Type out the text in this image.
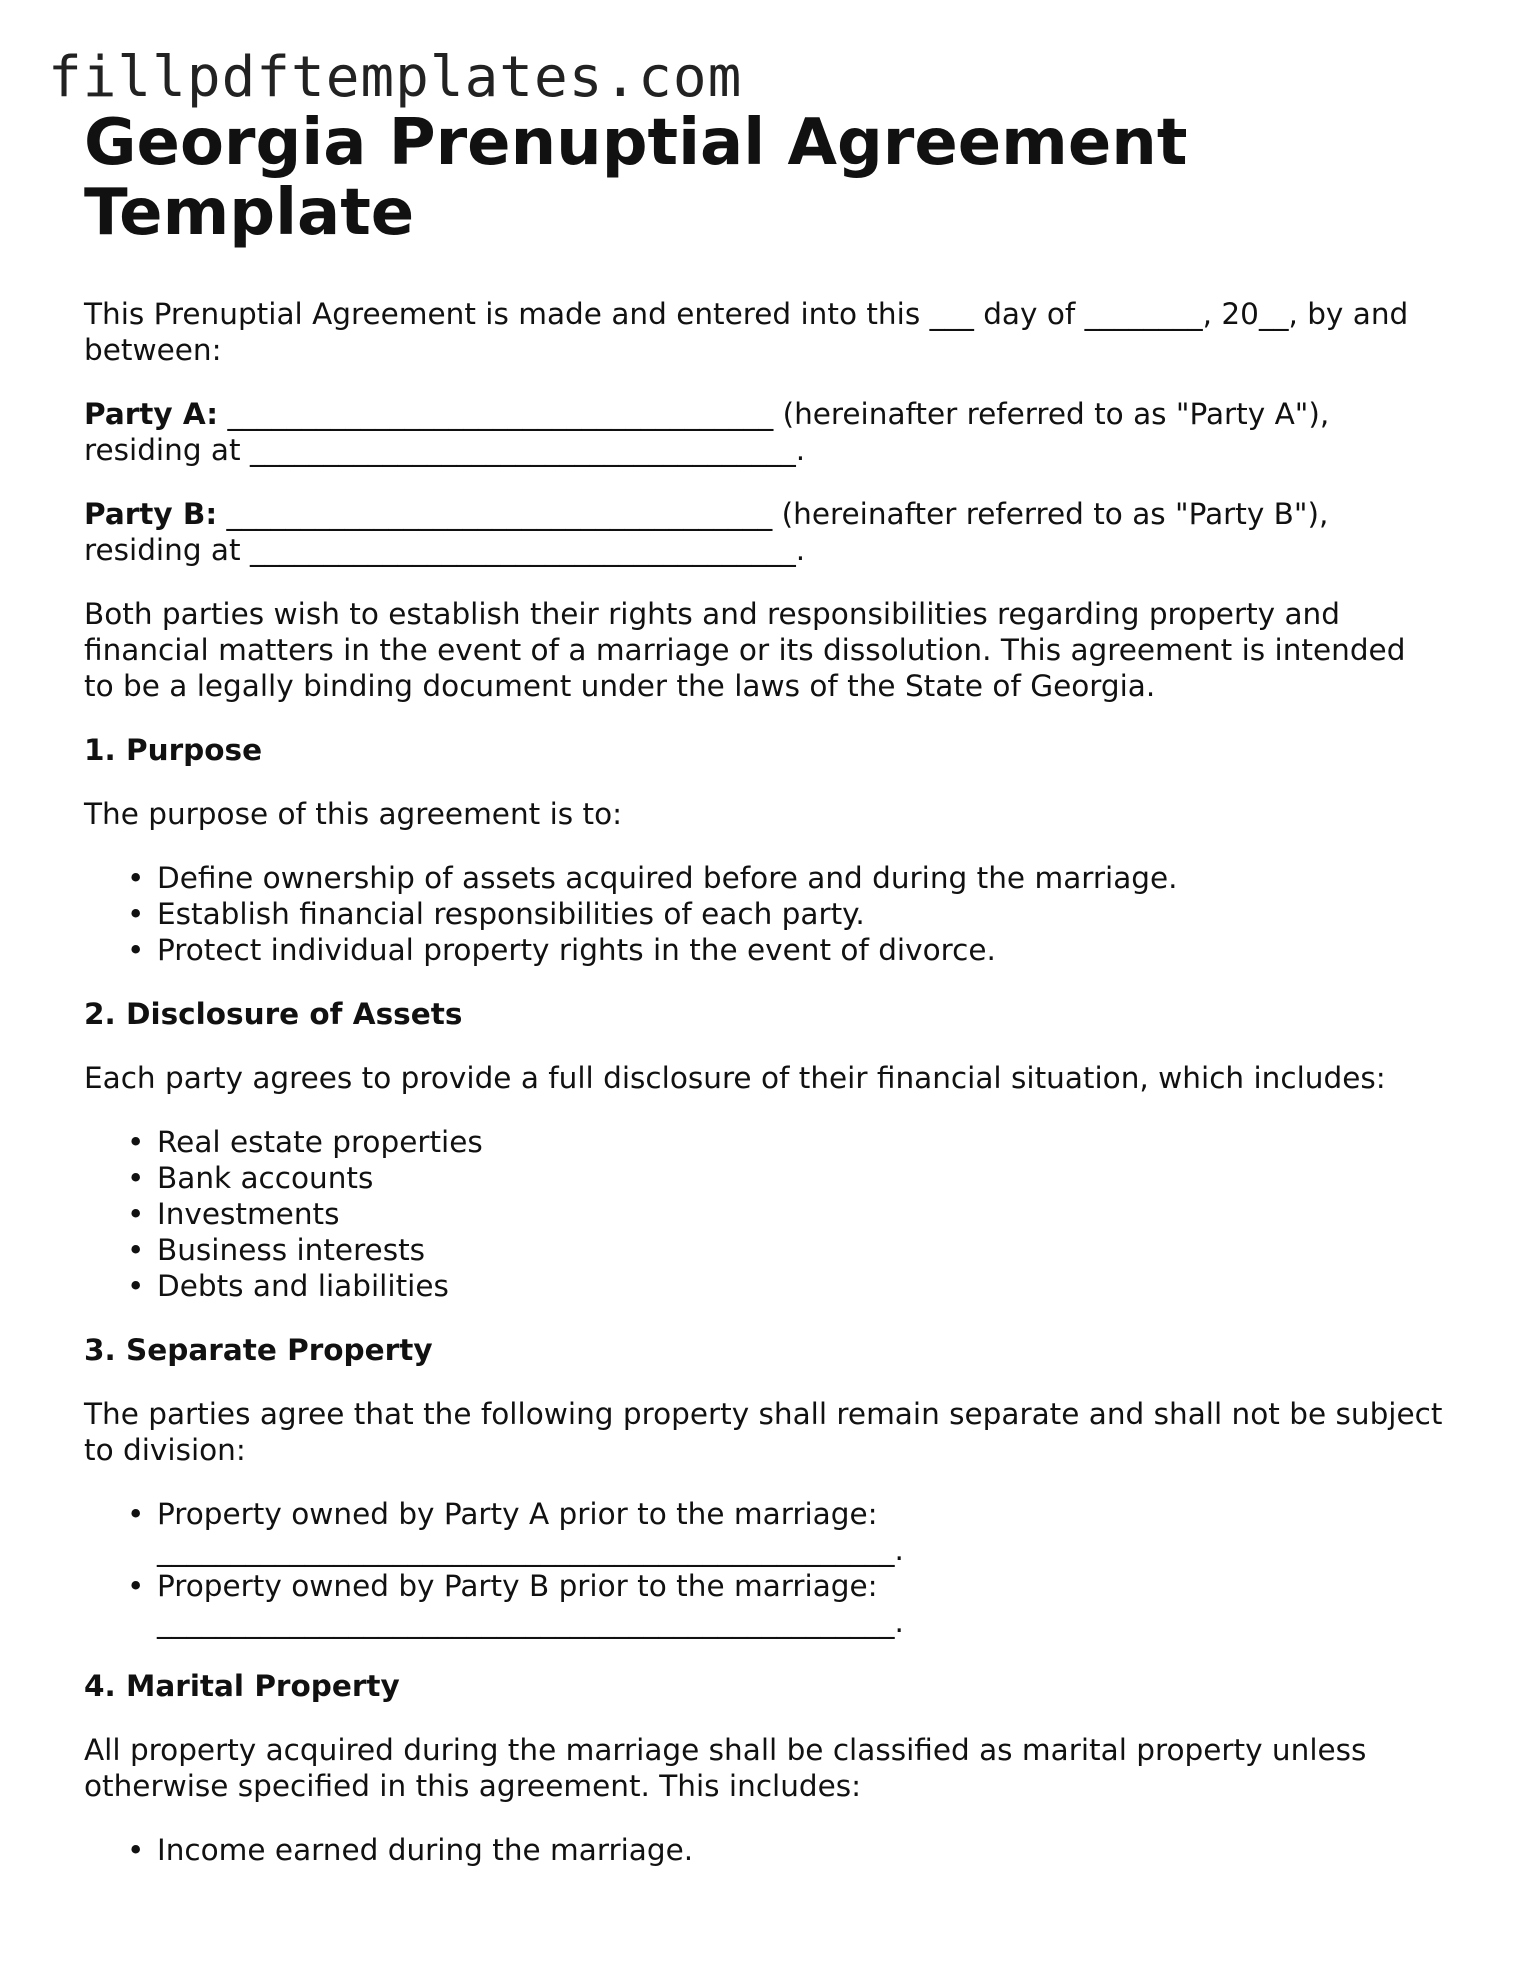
fillpdftemplates.com
Georgia Prenuptial Agreement Template

This Prenuptial Agreement is made and entered into this ___ day of ________, 20__, by and between:

Party A: _____________________________________ (hereinafter referred to as "Party A"), residing at _____________________________________.

Party B: _____________________________________ (hereinafter referred to as "Party B"), residing at _____________________________________.

Both parties wish to establish their rights and responsibilities regarding property and financial matters in the event of a marriage or its dissolution. This agreement is intended to be a legally binding document under the laws of the State of Georgia.

1. Purpose

The purpose of this agreement is to:

• Define ownership of assets acquired before and during the marriage.
• Establish financial responsibilities of each party.
• Protect individual property rights in the event of divorce.
2. Disclosure of Assets

Each party agrees to provide a full disclosure of their financial situation, which includes:

• Real estate properties
• Bank accounts
• Investments
• Business interests
• Debts and liabilities
3. Separate Property

The parties agree that the following property shall remain separate and shall not be subject to division:

• Property owned by Party A prior to the marriage:
__________________________________________________.
• Property owned by Party B prior to the marriage:
__________________________________________________.
4. Marital Property

All property acquired during the marriage shall be classified as marital property unless otherwise specified in this agreement. This includes:

• Income earned during the marriage.
